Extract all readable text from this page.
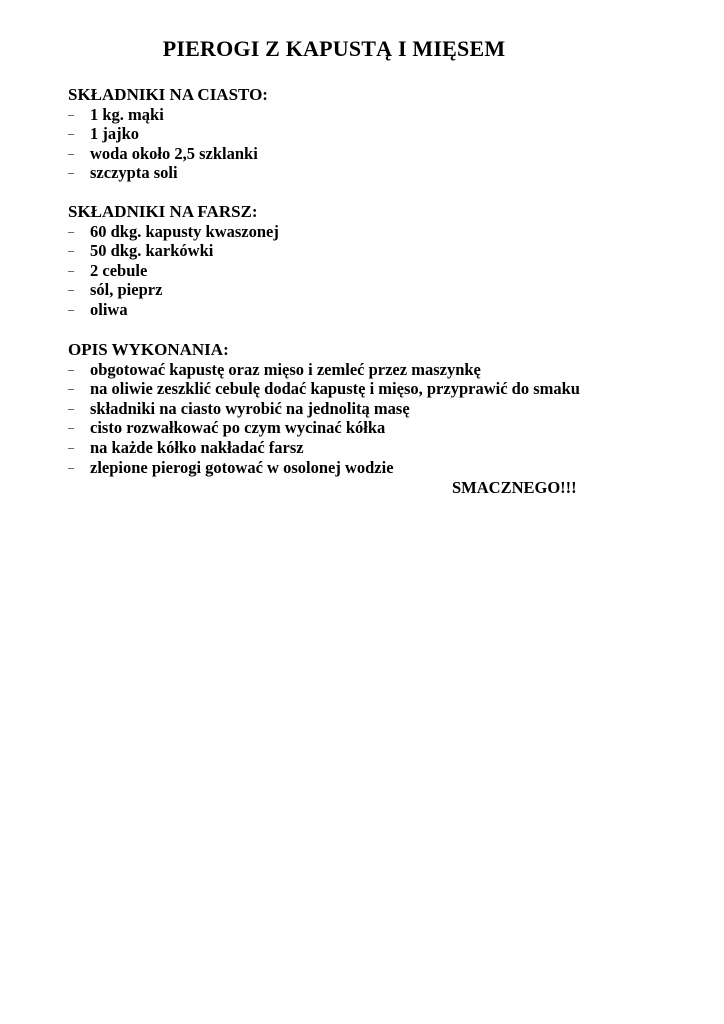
PIEROGI Z KAPUSTĄ I MIĘSEM
SKŁADNIKI NA CIASTO:
– 1 kg. mąki
– 1 jajko
– woda około 2,5 szklanki
– szczypta soli
SKŁADNIKI NA FARSZ:
– 60 dkg. kapusty kwaszonej
– 50 dkg. karkówki
– 2 cebule
– sól, pieprz
– oliwa
OPIS WYKONANIA:
– obgotować kapustę oraz mięso i zemleć przez maszynkę
– na oliwie zeszklić cebulę dodać kapustę i mięso, przyprawić do smaku
– składniki na ciasto wyrobić na jednolitą masę
– cisto rozwałkować po czym wycinać kółka
– na każde kółko nakładać farsz
– zlepione pierogi gotować w osolonej wodzie
SMACZNEGO!!!
